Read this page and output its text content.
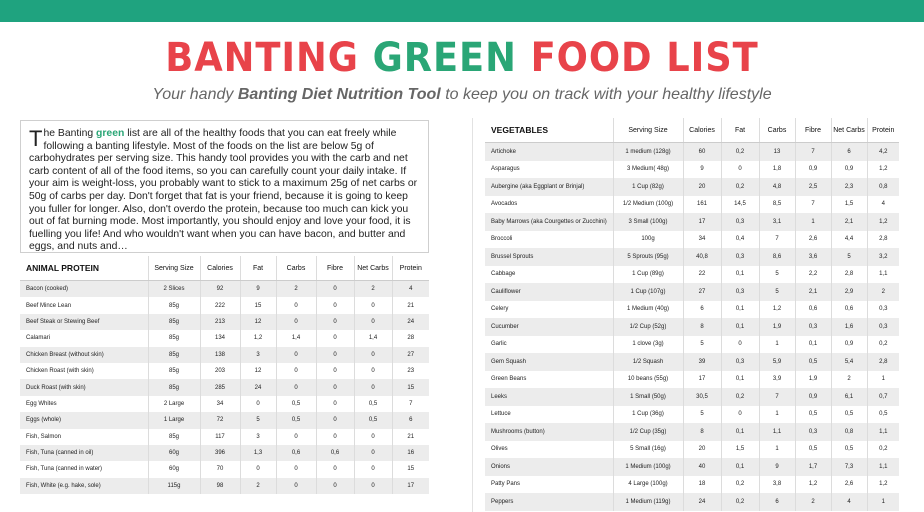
BANTING GREEN FOOD LIST
Your handy Banting Diet Nutrition Tool to keep you on track with your healthy lifestyle
The Banting green list are all of the healthy foods that you can eat freely while following a banting lifestyle. Most of the foods on the list are below 5g of carbohydrates per serving size. This handy tool provides you with the carb and net carb content of all of the food items, so you can carefully count your daily intake. If your aim is weight-loss, you probably want to stick to a maximum 25g of net carbs or 50g of carbs per day. Don't forget that fat is your friend, because it is going to keep you fuller for longer. Also, don't overdo the protein, because too much can kick you out of fat burning mode. Most importantly, you should enjoy and love your food, it is fuelling you life! And who wouldn't want when you can have bacon, and butter and eggs, and nuts and…
ANIMAL PROTEIN	Serving Size	Calories	Fat	Carbs	Fibre	Net Carbs	Protein
Bacon (cooked)	2 Slices	92	9	2	0	2	4
Beef Mince Lean	85g	222	15	0	0	0	21
Beef Steak or Stewing Beef	85g	213	12	0	0	0	24
Calamari	85g	134	1,2	1,4	0	1,4	28
Chicken Breast (without skin)	85g	138	3	0	0	0	27
Chicken Roast (with skin)	85g	203	12	0	0	0	23
Duck Roast (with skin)	85g	285	24	0	0	0	15
Egg Whites	2 Large	34	0	0,5	0	0,5	7
Eggs (whole)	1 Large	72	5	0,5	0	0,5	6
Fish, Salmon	85g	117	3	0	0	0	21
Fish, Tuna (canned in oil)	60g	396	1,3	0,6	0,6	0	16
Fish, Tuna (canned in water)	60g	70	0	0	0	0	15
Fish, White (e.g. hake, sole)	115g	98	2	0	0	0	17
VEGETABLES	Serving Size	Calories	Fat	Carbs	Fibre	Net Carbs	Protein
Artichoke	1 medium (128g)	60	0,2	13	7	6	4,2
Asparagus	3 Medium( 48g)	9	0	1,8	0,9	0,9	1,2
Aubergine (aka Eggplant or Brinjal)	1 Cup (82g)	20	0,2	4,8	2,5	2,3	0,8
Avocados	1/2 Medium (100g)	161	14,5	8,5	7	1,5	4
Baby Marrows (aka Courgettes or Zucchini)	3 Small (100g)	17	0,3	3,1	1	2,1	1,2
Broccoli	100g	34	0,4	7	2,6	4,4	2,8
Brussel Sprouts	5 Sprouts (95g)	40,8	0,3	8,6	3,6	5	3,2
Cabbage	1 Cup (89g)	22	0,1	5	2,2	2,8	1,1
Cauliflower	1 Cup (107g)	27	0,3	5	2,1	2,9	2
Celery	1 Medium (40g)	6	0,1	1,2	0,6	0,6	0,3
Cucumber	1/2 Cup (52g)	8	0,1	1,9	0,3	1,6	0,3
Garlic	1 clove (3g)	5	0	1	0,1	0,9	0,2
Gem Squash	1/2 Squash	39	0,3	5,9	0,5	5,4	2,8
Green Beans	10 beans (55g)	17	0,1	3,9	1,9	2	1
Leeks	1 Small (50g)	30,5	0,2	7	0,9	6,1	0,7
Lettuce	1 Cup (36g)	5	0	1	0,5	0,5	0,5
Mushrooms (button)	1/2 Cup (35g)	8	0,1	1,1	0,3	0,8	1,1
Olives	5 Small (16g)	20	1,5	1	0,5	0,5	0,2
Onions	1 Medium (100g)	40	0,1	9	1,7	7,3	1,1
Patty Pans	4 Large (100g)	18	0,2	3,8	1,2	2,6	1,2
Peppers	1 Medium (119g)	24	0,2	6	2	4	1
